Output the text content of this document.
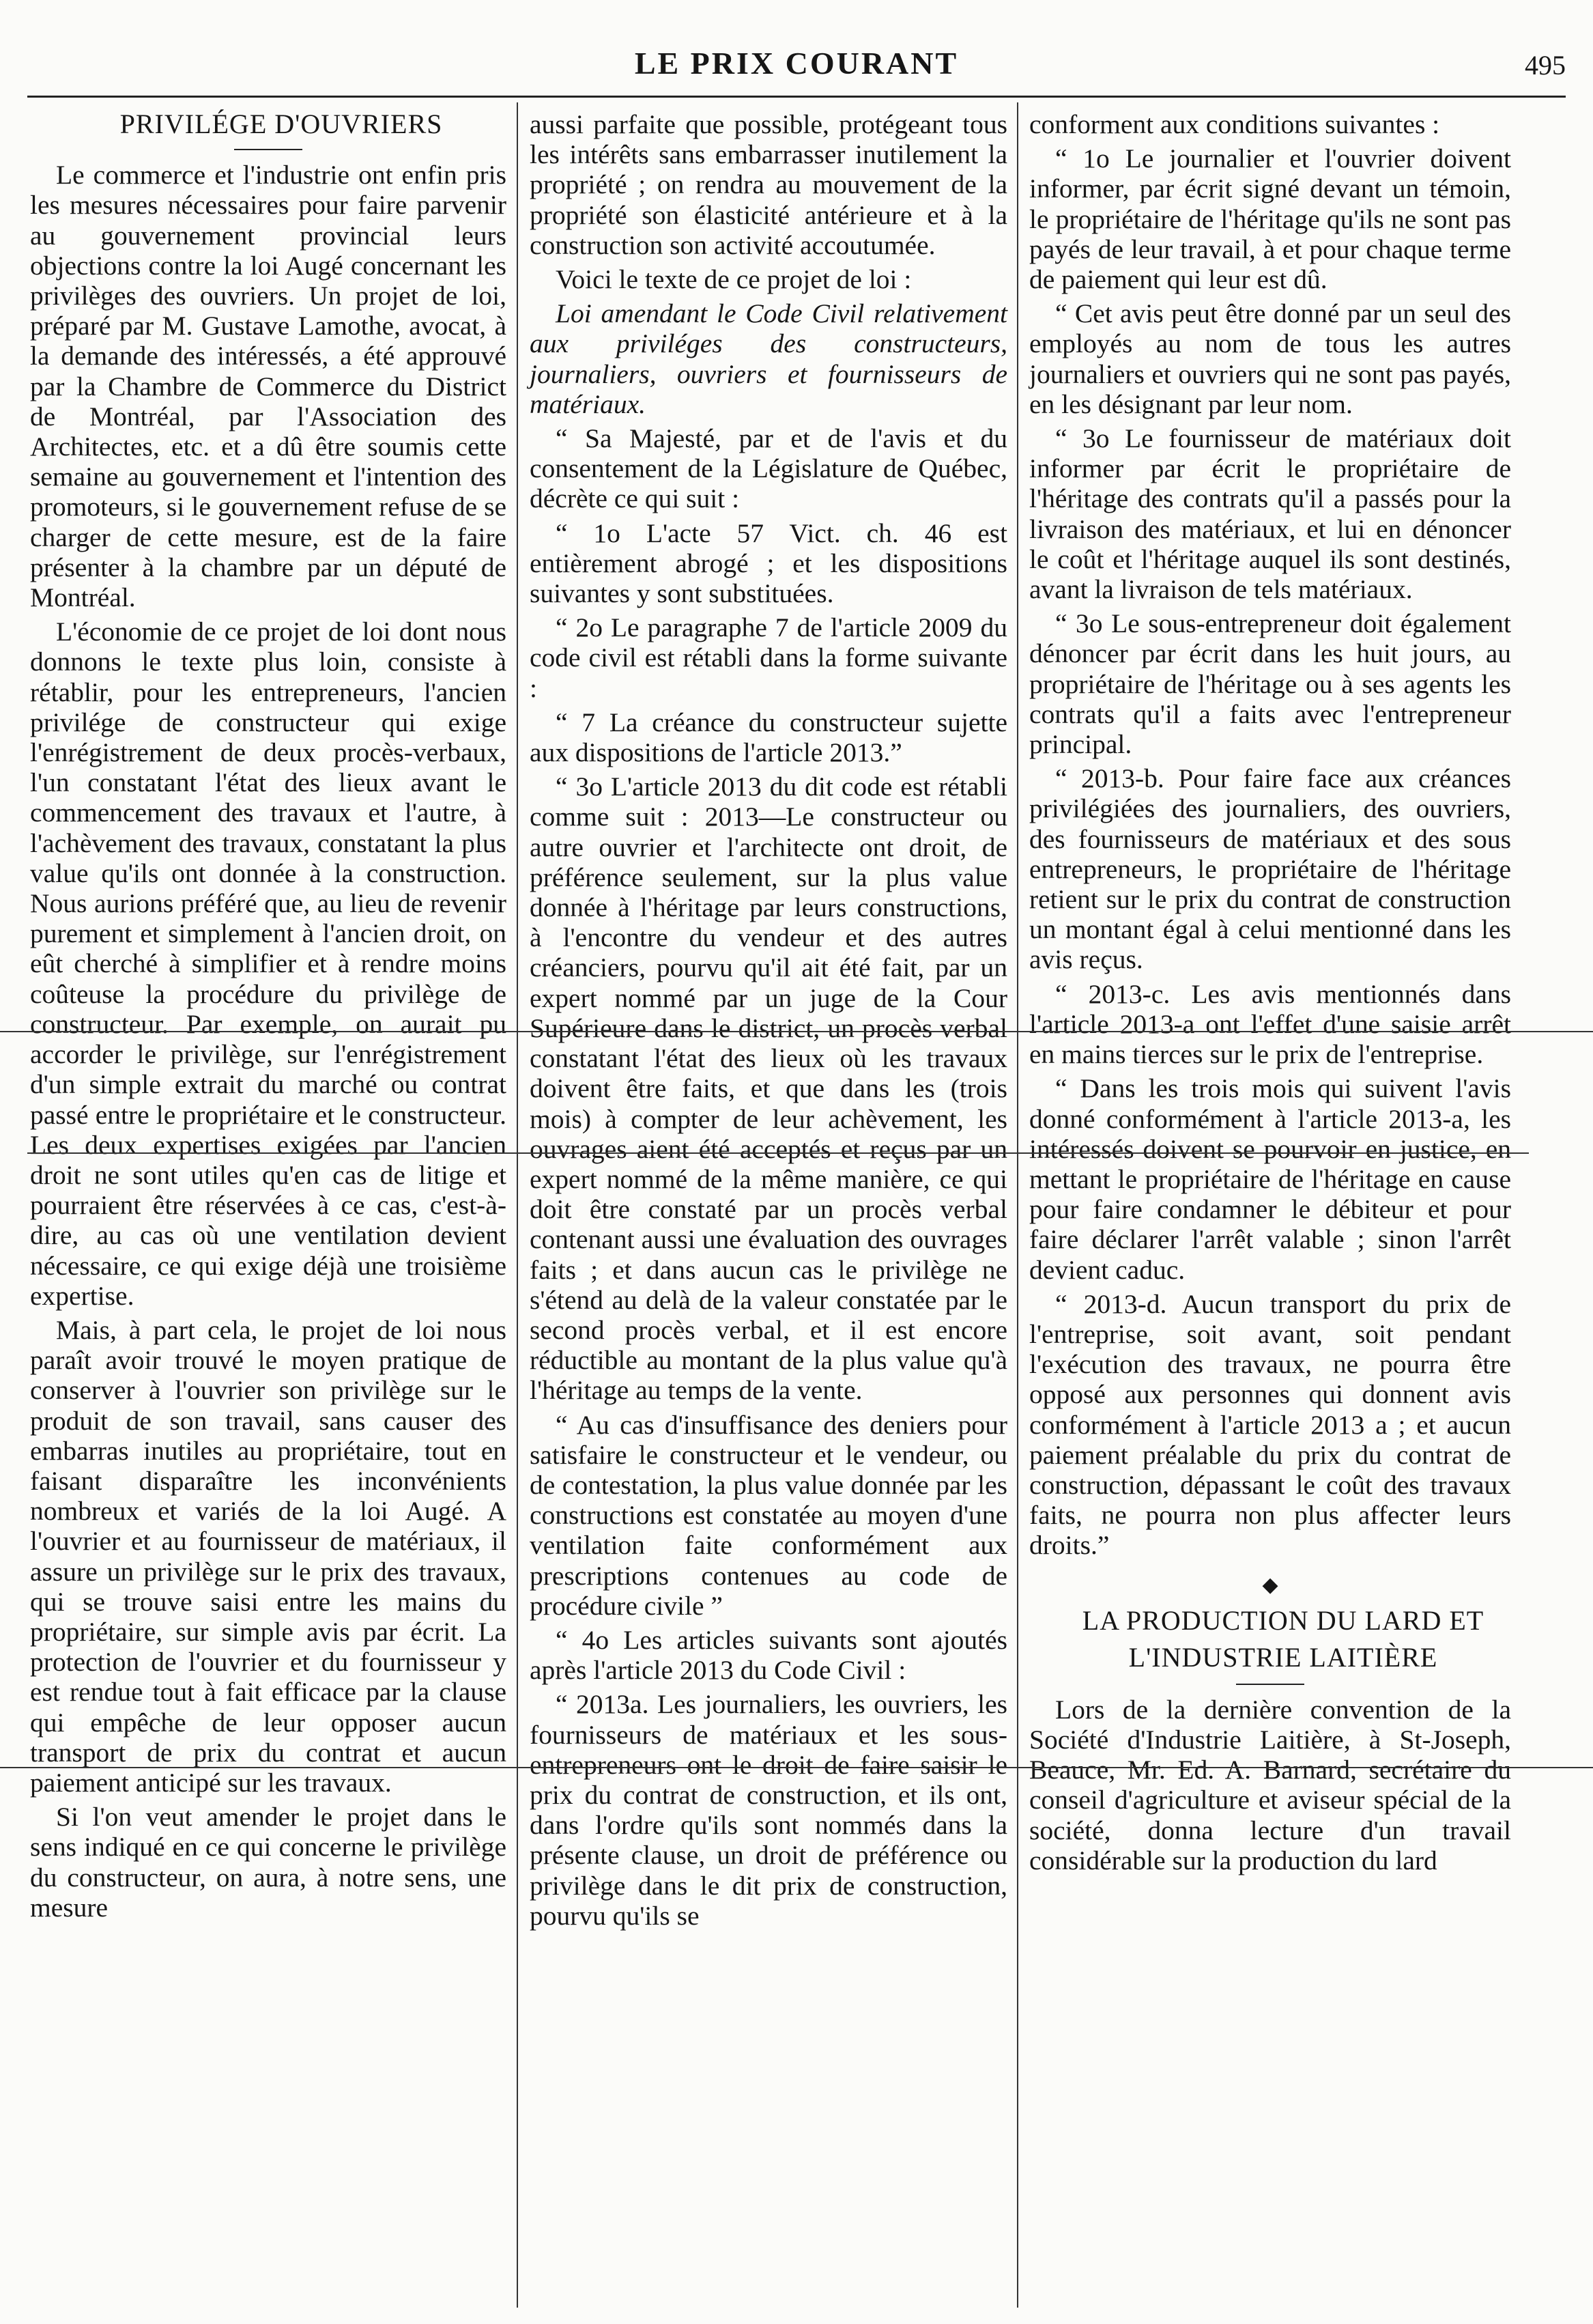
LE PRIX COURANT	495

PRIVILÉGE D'OUVRIERS

Le commerce et l'industrie ont enfin pris les mesures nécessaires pour faire parvenir au gouvernement provincial leurs objections contre la loi Augé concernant les privilèges des ouvriers. Un projet de loi, préparé par M. Gustave Lamothe, avocat, à la demande des intéressés, a été approuvé par la Chambre de Commerce du District de Montréal, par l'Association des Architectes, etc. et a dû être soumis cette semaine au gouvernement et l'intention des promoteurs, si le gouvernement refuse de se charger de cette mesure, est de la faire présenter à la chambre par un député de Montréal.

L'économie de ce projet de loi dont nous donnons le texte plus loin, consiste à rétablir, pour les entrepreneurs, l'ancien privilége de constructeur qui exige l'enrégistrement de deux procès-verbaux, l'un constatant l'état des lieux avant le commencement des travaux et l'autre, à l'achèvement des travaux, constatant la plus value qu'ils ont donnée à la construction. Nous aurions préféré que, au lieu de revenir purement et simplement à l'ancien droit, on eût cherché à simplifier et à rendre moins coûteuse la procédure du privilège de constructeur. Par exemple, on aurait pu accorder le privilège, sur l'enrégistrement d'un simple extrait du marché ou contrat passé entre le propriétaire et le constructeur. Les deux expertises exigées par l'ancien droit ne sont utiles qu'en cas de litige et pourraient être réservées à ce cas, c'est-à-dire, au cas où une ventilation devient nécessaire, ce qui exige déjà une troisième expertise.

Mais, à part cela, le projet de loi nous paraît avoir trouvé le moyen pratique de conserver à l'ouvrier son privilège sur le produit de son travail, sans causer des embarras inutiles au propriétaire, tout en faisant disparaître les inconvénients nombreux et variés de la loi Augé. A l'ouvrier et au fournisseur de matériaux, il assure un privilège sur le prix des travaux, qui se trouve saisi entre les mains du propriétaire, sur simple avis par écrit. La protection de l'ouvrier et du fournisseur y est rendue tout à fait efficace par la clause qui empêche de leur opposer aucun transport de prix du contrat et aucun paiement anticipé sur les travaux.

Si l'on veut amender le projet dans le sens indiqué en ce qui concerne le privilège du constructeur, on aura, à notre sens, une mesure

aussi parfaite que possible, protégeant tous les intérêts sans embarrasser inutilement la propriété ; on rendra au mouvement de la propriété son élasticité antérieure et à la construction son activité accoutumée.

Voici le texte de ce projet de loi :

Loi amendant le Code Civil relativement aux priviléges des constructeurs, journaliers, ouvriers et fournisseurs de matériaux.

“ Sa Majesté, par et de l'avis et du consentement de la Législature de Québec, décrète ce qui suit :

“ 1o L'acte 57 Vict. ch. 46 est entièrement abrogé ; et les dispositions suivantes y sont substituées.

“ 2o Le paragraphe 7 de l'article 2009 du code civil est rétabli dans la forme suivante :

“ 7 La créance du constructeur sujette aux dispositions de l'article 2013.”

“ 3o L'article 2013 du dit code est rétabli comme suit : 2013—Le constructeur ou autre ouvrier et l'architecte ont droit, de préférence seulement, sur la plus value donnée à l'héritage par leurs constructions, à l'encontre du vendeur et des autres créanciers, pourvu qu'il ait été fait, par un expert nommé par un juge de la Cour Supérieure dans le district, un procès verbal constatant l'état des lieux où les travaux doivent être faits, et que dans les (trois mois) à compter de leur achèvement, les ouvrages aient été acceptés et reçus par un expert nommé de la même manière, ce qui doit être constaté par un procès verbal contenant aussi une évaluation des ouvrages faits ; et dans aucun cas le privilège ne s'étend au delà de la valeur constatée par le second procès verbal, et il est encore réductible au montant de la plus value qu'à l'héritage au temps de la vente.

“ Au cas d'insuffisance des deniers pour satisfaire le constructeur et le vendeur, ou de contestation, la plus value donnée par les constructions est constatée au moyen d'une ventilation faite conformément aux prescriptions contenues au code de procédure civile ”

“ 4o Les articles suivants sont ajoutés après l'article 2013 du Code Civil :

“ 2013a. Les journaliers, les ouvriers, les fournisseurs de matériaux et les sous-entrepreneurs ont le droit de faire saisir le prix du contrat de construction, et ils ont, dans l'ordre qu'ils sont nommés dans la présente clause, un droit de préférence ou privilège dans le dit prix de construction, pourvu qu'ils se

conforment aux conditions suivantes :

“ 1o Le journalier et l'ouvrier doivent informer, par écrit signé devant un témoin, le propriétaire de l'héritage qu'ils ne sont pas payés de leur travail, à et pour chaque terme de paiement qui leur est dû.

“ Cet avis peut être donné par un seul des employés au nom de tous les autres journaliers et ouvriers qui ne sont pas payés, en les désignant par leur nom.

“ 3o Le fournisseur de matériaux doit informer par écrit le propriétaire de l'héritage des contrats qu'il a passés pour la livraison des matériaux, et lui en dénoncer le coût et l'héritage auquel ils sont destinés, avant la livraison de tels matériaux.

“ 3o Le sous-entrepreneur doit également dénoncer par écrit dans les huit jours, au propriétaire de l'héritage ou à ses agents les contrats qu'il a faits avec l'entrepreneur principal.

“ 2013-b. Pour faire face aux créances privilégiées des journaliers, des ouvriers, des fournisseurs de matériaux et des sous entrepreneurs, le propriétaire de l'héritage retient sur le prix du contrat de construction un montant égal à celui mentionné dans les avis reçus.

“ 2013-c. Les avis mentionnés dans l'article 2013-a ont l'effet d'une saisie arrêt en mains tierces sur le prix de l'entreprise.

“ Dans les trois mois qui suivent l'avis donné conformément à l'article 2013-a, les intéressés doivent se pourvoir en justice, en mettant le propriétaire de l'héritage en cause pour faire condamner le débiteur et pour faire déclarer l'arrêt valable ; sinon l'arrêt devient caduc.

“ 2013-d. Aucun transport du prix de l'entreprise, soit avant, soit pendant l'exécution des travaux, ne pourra être opposé aux personnes qui donnent avis conformément à l'article 2013 a ; et aucun paiement préalable du prix du contrat de construction, dépassant le coût des travaux faits, ne pourra non plus affecter leurs droits.”

◆

LA PRODUCTION DU LARD ET

L'INDUSTRIE LAITIÈRE

Lors de la dernière convention de la Société d'Industrie Laitière, à St-Joseph, Beauce, Mr. Ed. A. Barnard, secrétaire du conseil d'agriculture et aviseur spécial de la société, donna lecture d'un travail considérable sur la production du lard
